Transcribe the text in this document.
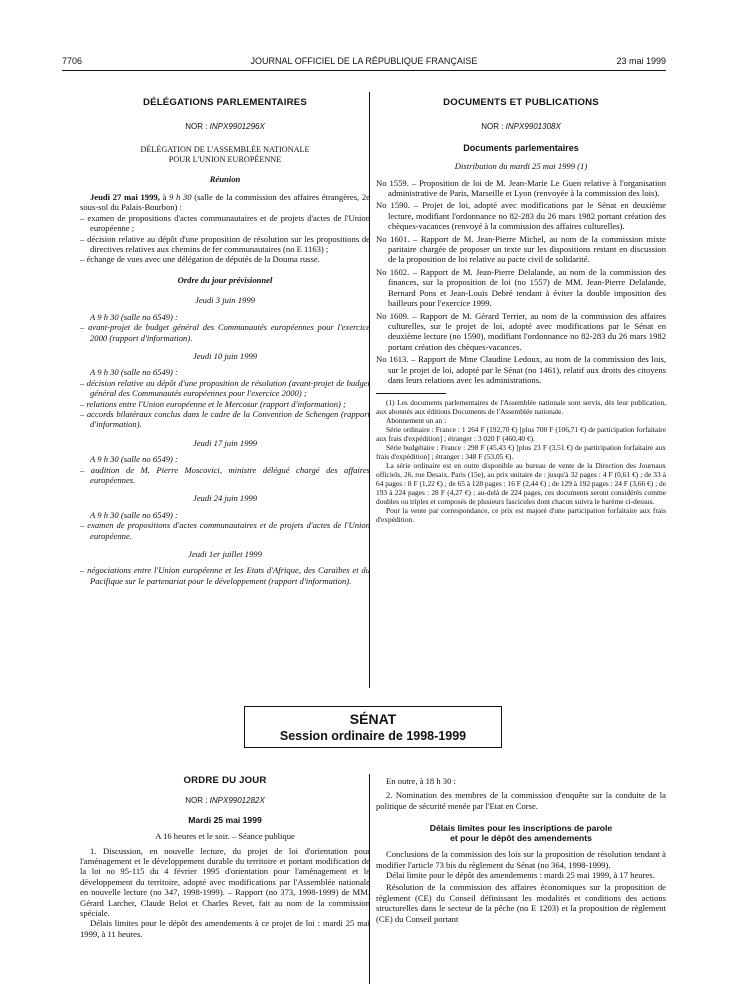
7706	JOURNAL OFFICIEL DE LA RÉPUBLIQUE FRANÇAISE	23 mai 1999
DÉLÉGATIONS PARLEMENTAIRES
NOR : INPX9901296X
DÉLÉGATION DE L'ASSEMBLÉE NATIONALE
POUR L'UNION EUROPÉENNE
Réunion
Jeudi 27 mai 1999, à 9 h 30 (salle de la commission des affaires étrangères, 2e sous-sol du Palais-Bourbon) :
– examen de propositions d'actes communautaires et de projets d'actes de l'Union européenne ;
– décision relative au dépôt d'une proposition de résolution sur les propositions de directives relatives aux chemins de fer communautaires (no E 1163) ;
– échange de vues avec une délégation de députés de la Douma russe.
Ordre du jour prévisionnel
Jeudi 3 juin 1999
A 9 h 30 (salle no 6549) :
– avant-projet de budget général des Communautés européennes pour l'exercice 2000 (rapport d'information).
Jeudi 10 juin 1999
A 9 h 30 (salle no 6549) :
– décision relative au dépôt d'une proposition de résolution (avant-projet de budget général des Communautés européennes pour l'exercice 2000) ;
– relations entre l'Union européenne et le Mercosur (rapport d'information) ;
– accords bilatéraux conclus dans le cadre de la Convention de Schengen (rapport d'information).
Jeudi 17 juin 1999
A 9 h 30 (salle no 6549) :
– audition de M. Pierre Moscovici, ministre délégué chargé des affaires européennes.
Jeudi 24 juin 1999
A 9 h 30 (salle no 6549) :
– examen de propositions d'actes communautaires et de projets d'actes de l'Union européenne.
Jeudi 1er juillet 1999
– négociations entre l'Union européenne et les Etats d'Afrique, des Caraïbes et du Pacifique sur le partenariat pour le développement (rapport d'information).
DOCUMENTS ET PUBLICATIONS
NOR : INPX9901308X
Documents parlementaires
Distribution du mardi 25 mai 1999 (1)
No 1559. – Proposition de loi de M. Jean-Marie Le Guen relative à l'organisation administrative de Paris, Marseille et Lyon (renvoyée à la commission des lois).
No 1590. – Projet de loi, adopté avec modifications par le Sénat en deuxième lecture, modifiant l'ordonnance no 82-283 du 26 mars 1982 portant création des chèques-vacances (renvoyé à la commission des affaires culturelles).
No 1601. – Rapport de M. Jean-Pierre Michel, au nom de la commission mixte paritaire chargée de proposer un texte sur les dispositions restant en discussion de la proposition de loi relative au pacte civil de solidarité.
No 1602. – Rapport de M. Jean-Pierre Delalande, au nom de la commission des finances, sur la proposition de loi (no 1557) de MM. Jean-Pierre Delalande, Bernard Pons et Jean-Louis Debré tendant à éviter la double imposition des bailleurs pour l'exercice 1999.
No 1609. – Rapport de M. Gérard Terrier, au nom de la commission des affaires culturelles, sur le projet de loi, adopté avec modifications par le Sénat en deuxième lecture (no 1590), modifiant l'ordonnance no 82-283 du 26 mars 1982 portant création des chèques-vacances.
No 1613. – Rapport de Mme Claudine Ledoux, au nom de la commission des lois, sur le projet de loi, adopté par le Sénat (no 1461), relatif aux droits des citoyens dans leurs relations avec les administrations.
(1) Les documents parlementaires de l'Assemblée nationale sont servis, dès leur publication, aux abonnés aux éditions Documents de l'Assemblée nationale.
Abonnement un an :
Série ordinaire : France : 1 264 F (192,70 €) [plus 700 F (106,71 €) de participation forfaitaire aux frais d'expédition] ; étranger : 3 020 F (460,40 €).
Série budgétaire : France : 298 F (45,43 €) [plus 23 F (3,51 €) de participation forfaitaire aux frais d'expédition] ; étranger : 348 F (53,05 €).
La série ordinaire est en outre disponible au bureau de vente de la Direction des Journaux officiels, 26, rue Desaix, Paris (15e), au prix unitaire de : jusqu'à 32 pages : 4 F (0,61 €) ; de 33 à 64 pages : 8 F (1,22 €) ; de 65 à 128 pages : 16 F (2,44 €) ; de 129 à 192 pages : 24 F (3,66 €) ; de 193 à 224 pages : 28 F (4,27 €) ; au-delà de 224 pages, ces documents seront considérés comme doubles ou triples et composés de plusieurs fascicules dont chacun suivra le barème ci-dessus.
Pour la vente par correspondance, ce prix est majoré d'une participation forfaitaire aux frais d'expédition.
SÉNAT
Session ordinaire de 1998-1999
ORDRE DU JOUR
NOR : INPX9901282X
Mardi 25 mai 1999
A 16 heures et le soir. – Séance publique
1. Discussion, en nouvelle lecture, du projet de loi d'orientation pour l'aménagement et le développement durable du territoire et portant modification de la loi no 95-115 du 4 février 1995 d'orientation pour l'aménagement et le développement du territoire, adopté avec modifications par l'Assemblée nationale en nouvelle lecture (no 347, 1998-1999). – Rapport (no 373, 1998-1999) de MM. Gérard Larcher, Claude Belot et Charles Revet, fait au nom de la commission spéciale.
Délais limites pour le dépôt des amendements à ce projet de loi : mardi 25 mai 1999, à 11 heures.
En outre, à 18 h 30 :
2. Nomination des membres de la commission d'enquête sur la conduite de la politique de sécurité menée par l'Etat en Corse.
Délais limites pour les inscriptions de parole
et pour le dépôt des amendements
Conclusions de la commission des lois sur la proposition de résolution tendant à modifier l'article 73 bis du règlement du Sénat (no 364, 1998-1999).
Délai limite pour le dépôt des amendements : mardi 25 mai 1999, à 17 heures.
Résolution de la commission des affaires économiques sur la proposition de règlement (CE) du Conseil définissant les modalités et conditions des actions structurelles dans le secteur de la pêche (no E 1203) et la proposition de règlement (CE) du Conseil portant
